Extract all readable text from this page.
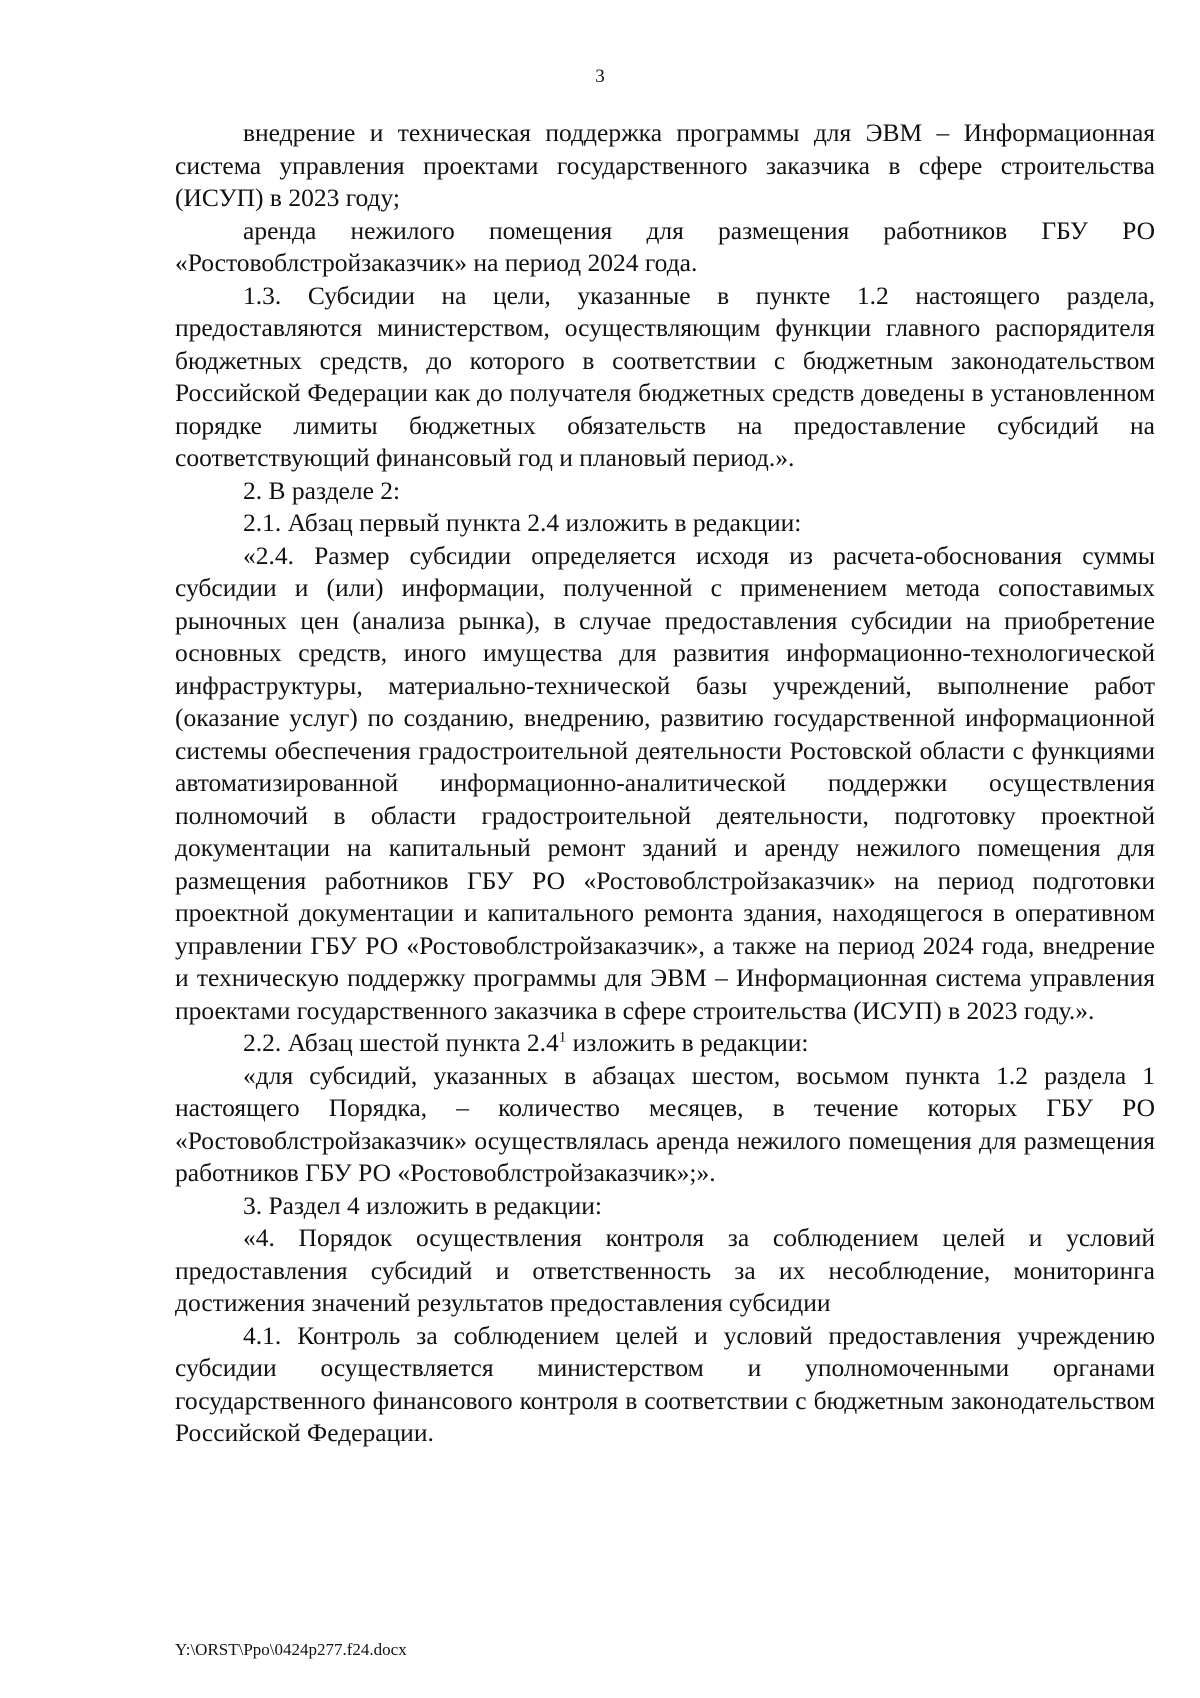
3

внедрение и техническая поддержка программы для ЭВМ – Информационная система управления проектами государственного заказчика в сфере строительства (ИСУП) в 2023 году;

аренда нежилого помещения для размещения работников ГБУ РО «Ростовоблстройзаказчик» на период 2024 года.

1.3. Субсидии на цели, указанные в пункте 1.2 настоящего раздела, предоставляются министерством, осуществляющим функции главного распорядителя бюджетных средств, до которого в соответствии с бюджетным законодательством Российской Федерации как до получателя бюджетных средств доведены в установленном порядке лимиты бюджетных обязательств на предоставление субсидий на соответствующий финансовый год и плановый период.».

2. В разделе 2:

2.1. Абзац первый пункта 2.4 изложить в редакции:

«2.4. Размер субсидии определяется исходя из расчета-обоснования суммы субсидии и (или) информации, полученной с применением метода сопоставимых рыночных цен (анализа рынка), в случае предоставления субсидии на приобретение основных средств, иного имущества для развития информационно-технологической инфраструктуры, материально-технической базы учреждений, выполнение работ (оказание услуг) по созданию, внедрению, развитию государственной информационной системы обеспечения градостроительной деятельности Ростовской области с функциями автоматизированной информационно-аналитической поддержки осуществления полномочий в области градостроительной деятельности, подготовку проектной документации на капитальный ремонт зданий и аренду нежилого помещения для размещения работников ГБУ РО «Ростовоблстройзаказчик» на период подготовки проектной документации и капитального ремонта здания, находящегося в оперативном управлении ГБУ РО «Ростовоблстройзаказчик», а также на период 2024 года, внедрение и техническую поддержку программы для ЭВМ – Информационная система управления проектами государственного заказчика в сфере строительства (ИСУП) в 2023 году.».

2.2. Абзац шестой пункта $2.4^1$ изложить в редакции:

«для субсидий, указанных в абзацах шестом, восьмом пункта 1.2 раздела 1 настоящего Порядка, – количество месяцев, в течение которых ГБУ РО «Ростовоблстройзаказчик» осуществлялась аренда нежилого помещения для размещения работников ГБУ РО «Ростовоблстройзаказчик»;».

3. Раздел 4 изложить в редакции:

«4. Порядок осуществления контроля за соблюдением целей и условий предоставления субсидий и ответственность за их несоблюдение, мониторинга достижения значений результатов предоставления субсидии

4.1. Контроль за соблюдением целей и условий предоставления учреждению субсидии осуществляется министерством и уполномоченными органами государственного финансового контроля в соответствии с бюджетным законодательством Российской Федерации.

Y:\ORST\Ppo\0424p277.f24.docx
